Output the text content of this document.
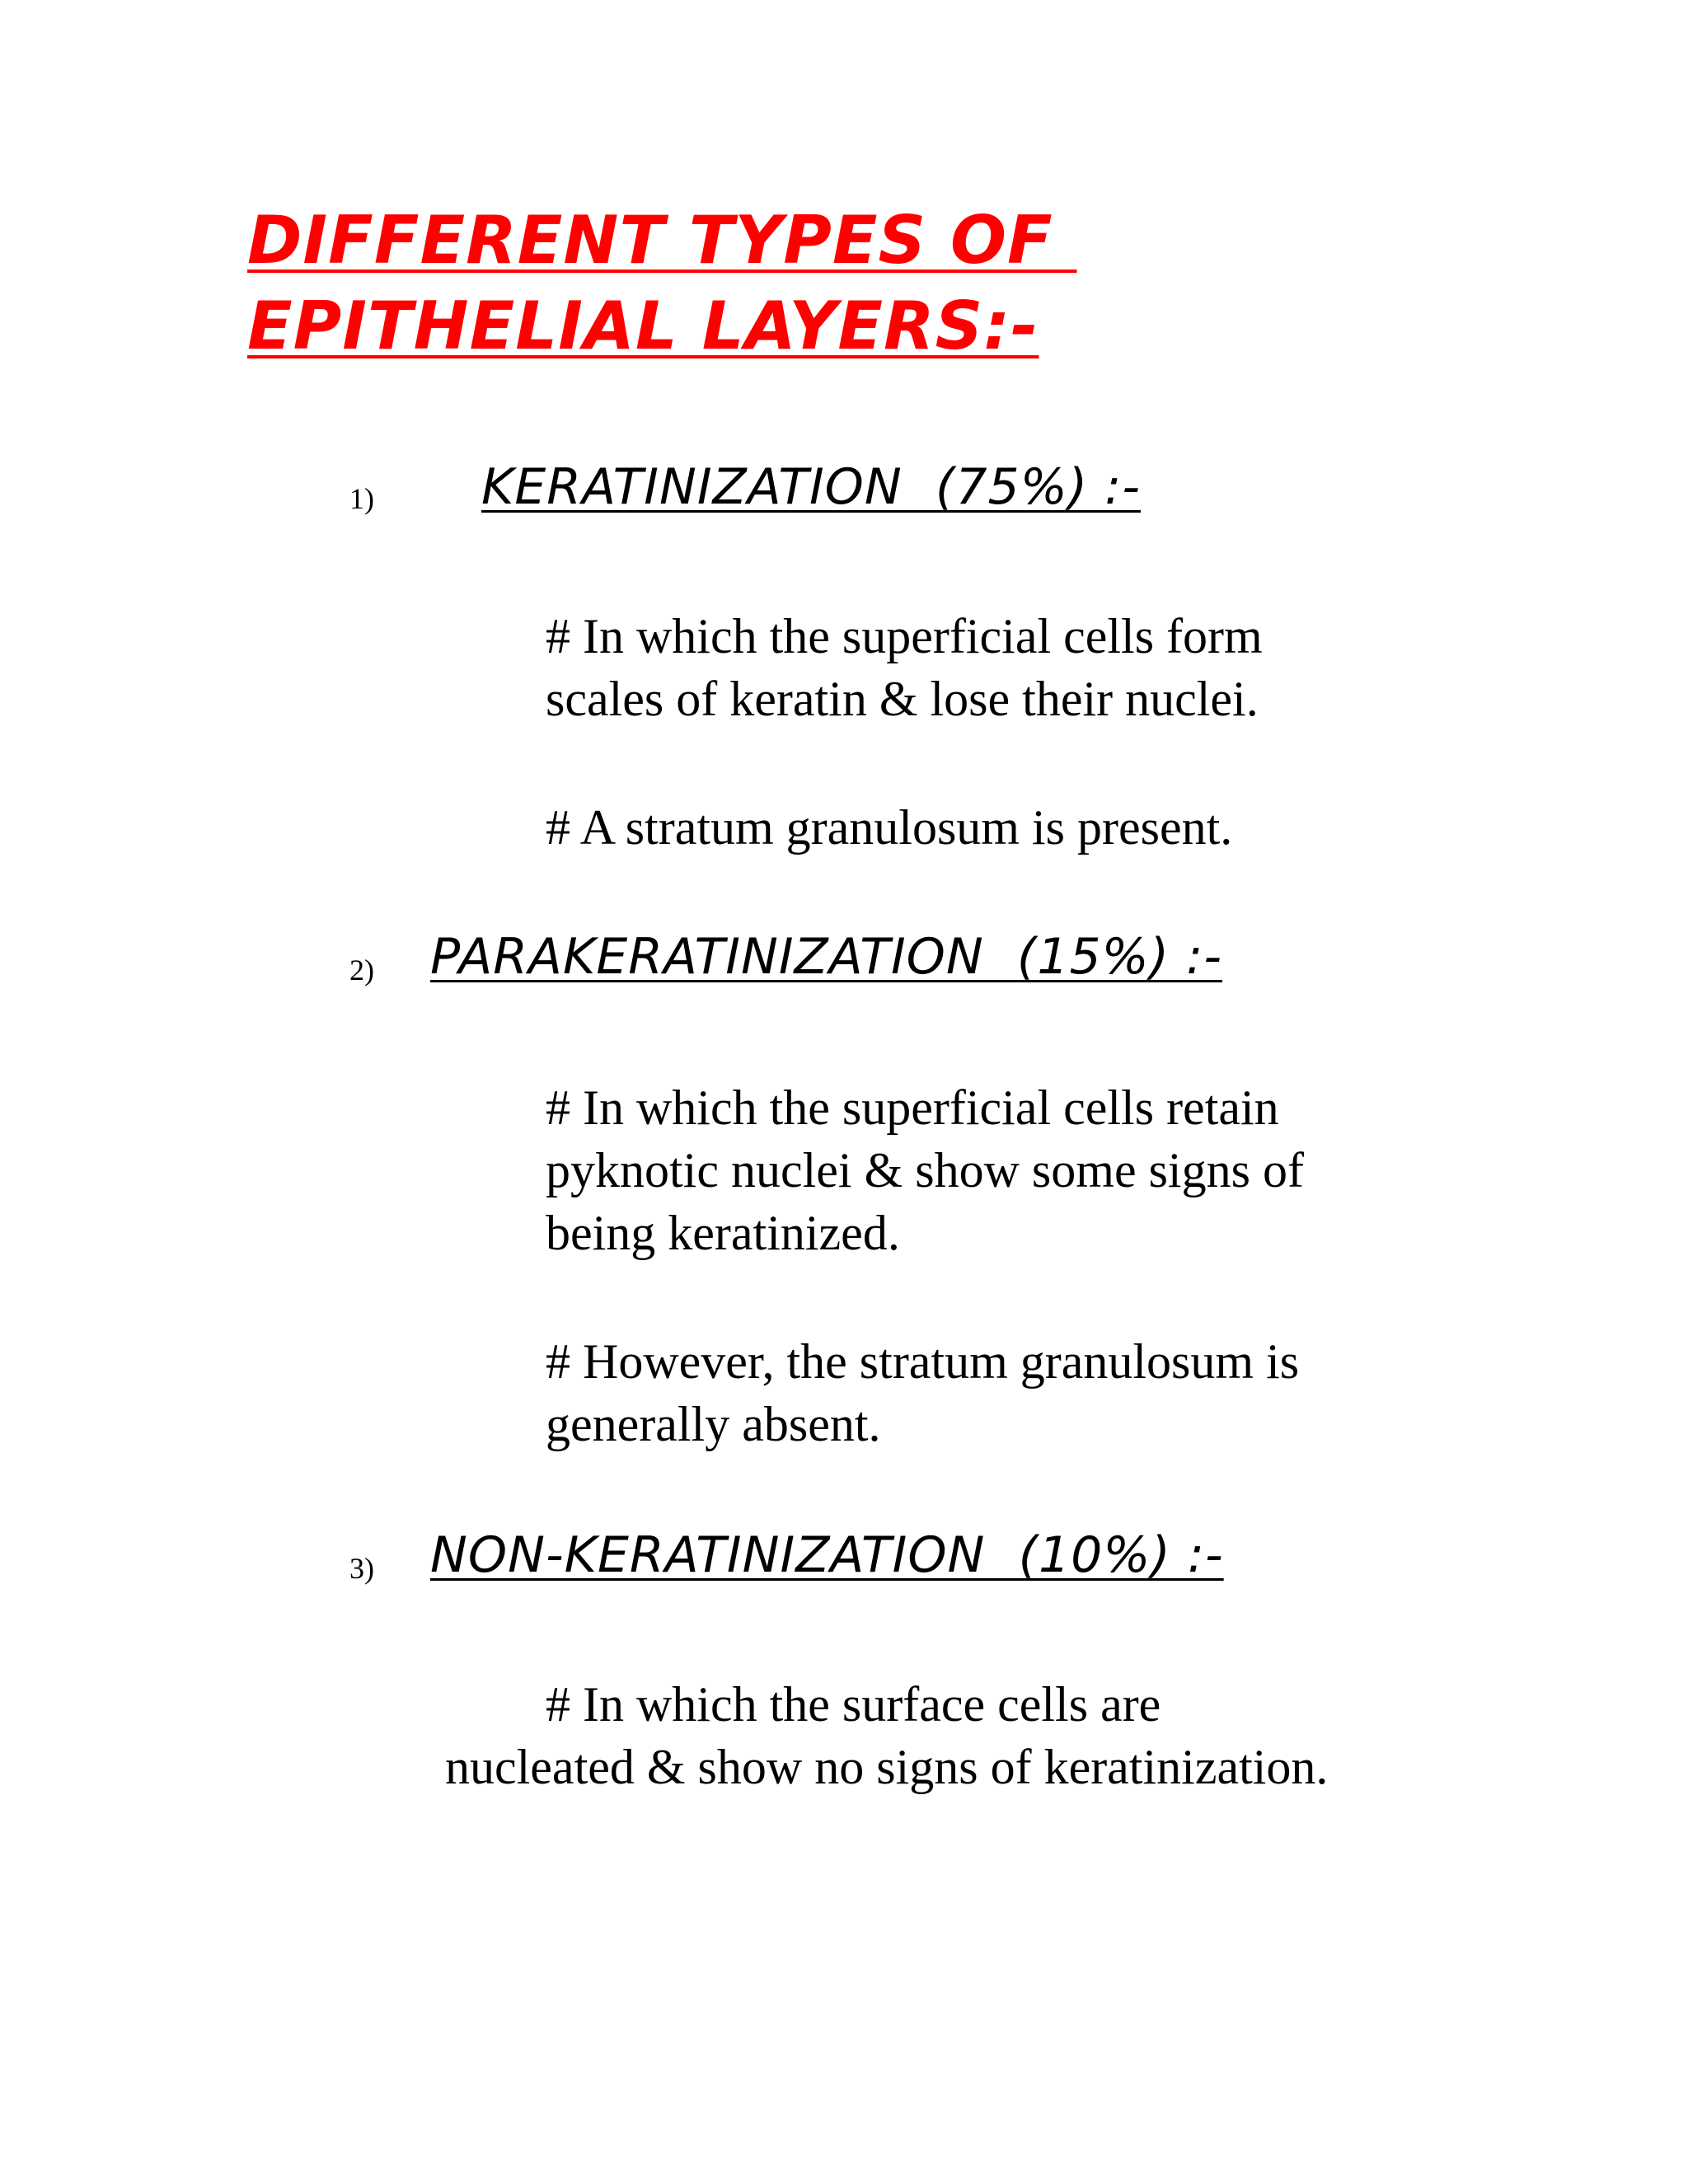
DIFFERENT TYPES OF
EPITHELIAL LAYERS:-
1) KERATINIZATION  (75%) :-

# In which the superficial cells form
scales of keratin & lose their nuclei.

# A stratum granulosum is present.

2) PARAKERATINIZATION  (15%) :-

# In which the superficial cells retain
pyknotic nuclei & show some signs of
being keratinized.

# However, the stratum granulosum is
generally absent.

3) NON-KERATINIZATION  (10%) :-

# In which the surface cells are
nucleated & show no signs of keratinization.
